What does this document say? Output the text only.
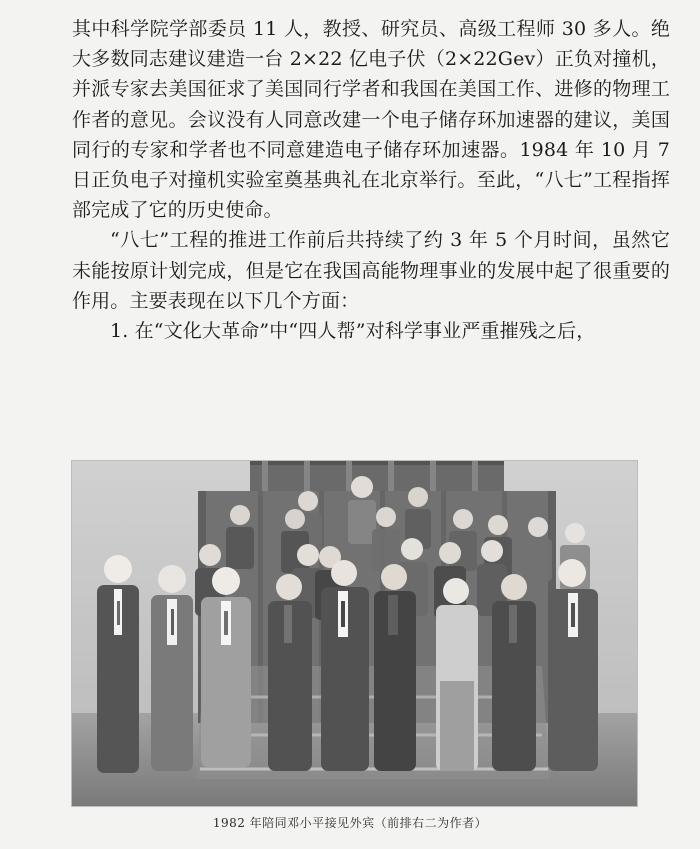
其中科学院学部委员 11 人，教授、研究员、高级工程师 30 多人。绝大多数同志建议建造一台 2×22 亿电子伏（2×22Gev）正负对撞机，并派专家去美国征求了美国同行学者和我国在美国工作、进修的物理工作者的意见。会议没有人同意改建一个电子储存环加速器的建议，美国同行的专家和学者也不同意建造电子储存环加速器。1984 年 10 月 7 日正负电子对撞机实验室奠基典礼在北京举行。至此，“八七”工程指挥部完成了它的历史使命。

“八七”工程的推进工作前后共持续了约 3 年 5 个月时间，虽然它未能按原计划完成，但是它在我国高能物理事业的发展中起了很重要的作用。主要表现在以下几个方面：

1. 在“文化大革命”中“四人帮”对科学事业严重摧残之后，

1982 年陪同邓小平接见外宾（前排右二为作者）
